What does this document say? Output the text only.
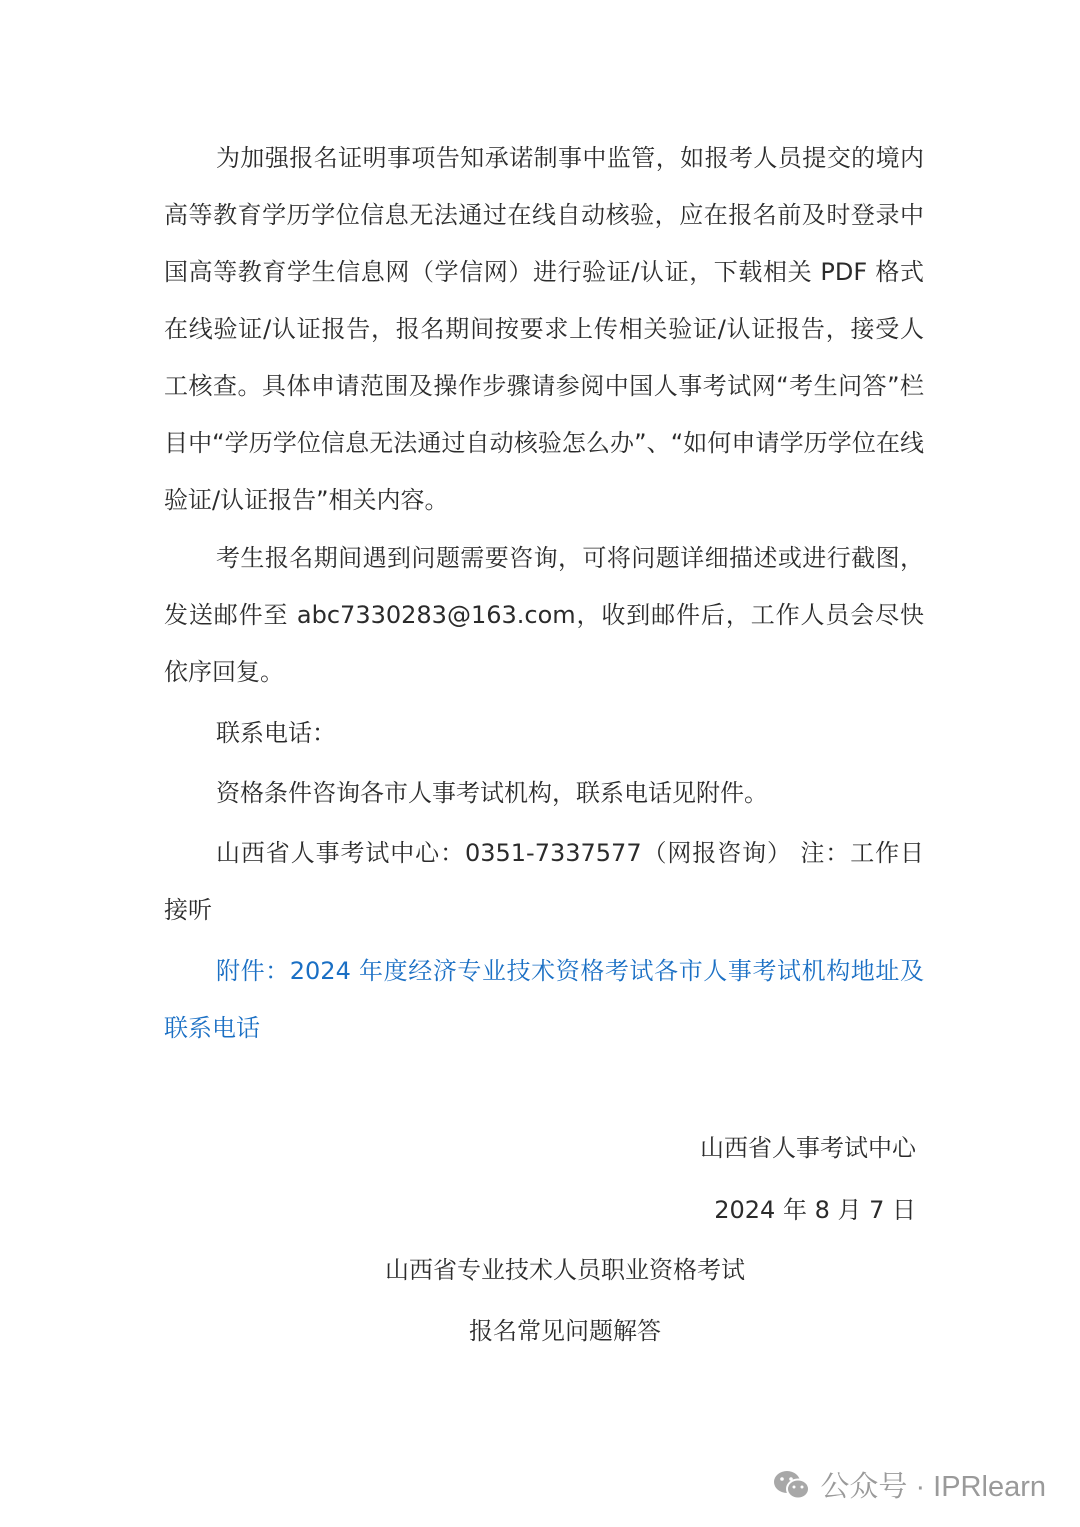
为加强报名证明事项告知承诺制事中监管，如报考人员提交的境内高等教育学历学位信息无法通过在线自动核验，应在报名前及时登录中国高等教育学生信息网（学信网）进行验证/认证，下载相关 PDF 格式在线验证/认证报告，报名期间按要求上传相关验证/认证报告，接受人工核查。具体申请范围及操作步骤请参阅中国人事考试网“考生问答”栏目中“学历学位信息无法通过自动核验怎么办”、“如何申请学历学位在线验证/认证报告”相关内容。

考生报名期间遇到问题需要咨询，可将问题详细描述或进行截图，发送邮件至 abc7330283@163.com，收到邮件后，工作人员会尽快依序回复。

联系电话：

资格条件咨询各市人事考试机构，联系电话见附件。

山西省人事考试中心：0351-7337577（网报咨询） 注：工作日接听

附件：2024 年度经济专业技术资格考试各市人事考试机构地址及联系电话

山西省人事考试中心

2024 年 8 月 7 日

山西省专业技术人员职业资格考试

报名常见问题解答

公众号 · IPRlearn
